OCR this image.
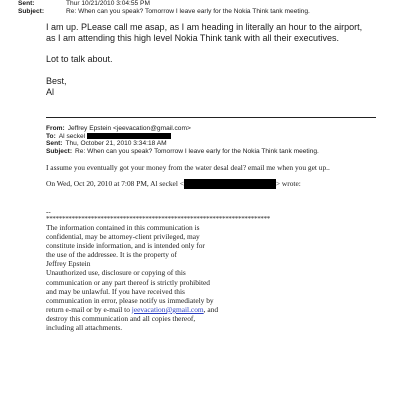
Sent:	Thur 10/21/2010 3:04:55 PM
Subject:	Re: When can you speak? Tomorrow I leave early for the Nokia Think tank meeting.

I am up. PLease call me asap, as I am heading in literally an hour to the airport, as I am attending this high level Nokia Think tank with all their executives.

Lot to talk about.

Best,

Al

From: Jeffrey Epstein <jeevacation@gmail.com>
To: Al seckel
Sent: Thu, October 21, 2010 3:34:18 AM
Subject: Re: When can you speak? Tomorrow I leave early for the Nokia Think tank meeting.

I assume you eventually got your money from the water desal deal? email me when you get up..

On Wed, Oct 20, 2010 at 7:08 PM, Al seckel <	> wrote:

--
**********************************************************************
The information contained in this communication is
confidential, may be attorney-client privileged, may
constitute inside information, and is intended only for
the use of the addressee. It is the property of
Jeffrey Epstein
Unauthorized use, disclosure or copying of this
communication or any part thereof is strictly prohibited
and may be unlawful. If you have received this
communication in error, please notify us immediately by
return e-mail or by e-mail to jeevacation@gmail.com, and
destroy this communication and all copies thereof,
including all attachments.
